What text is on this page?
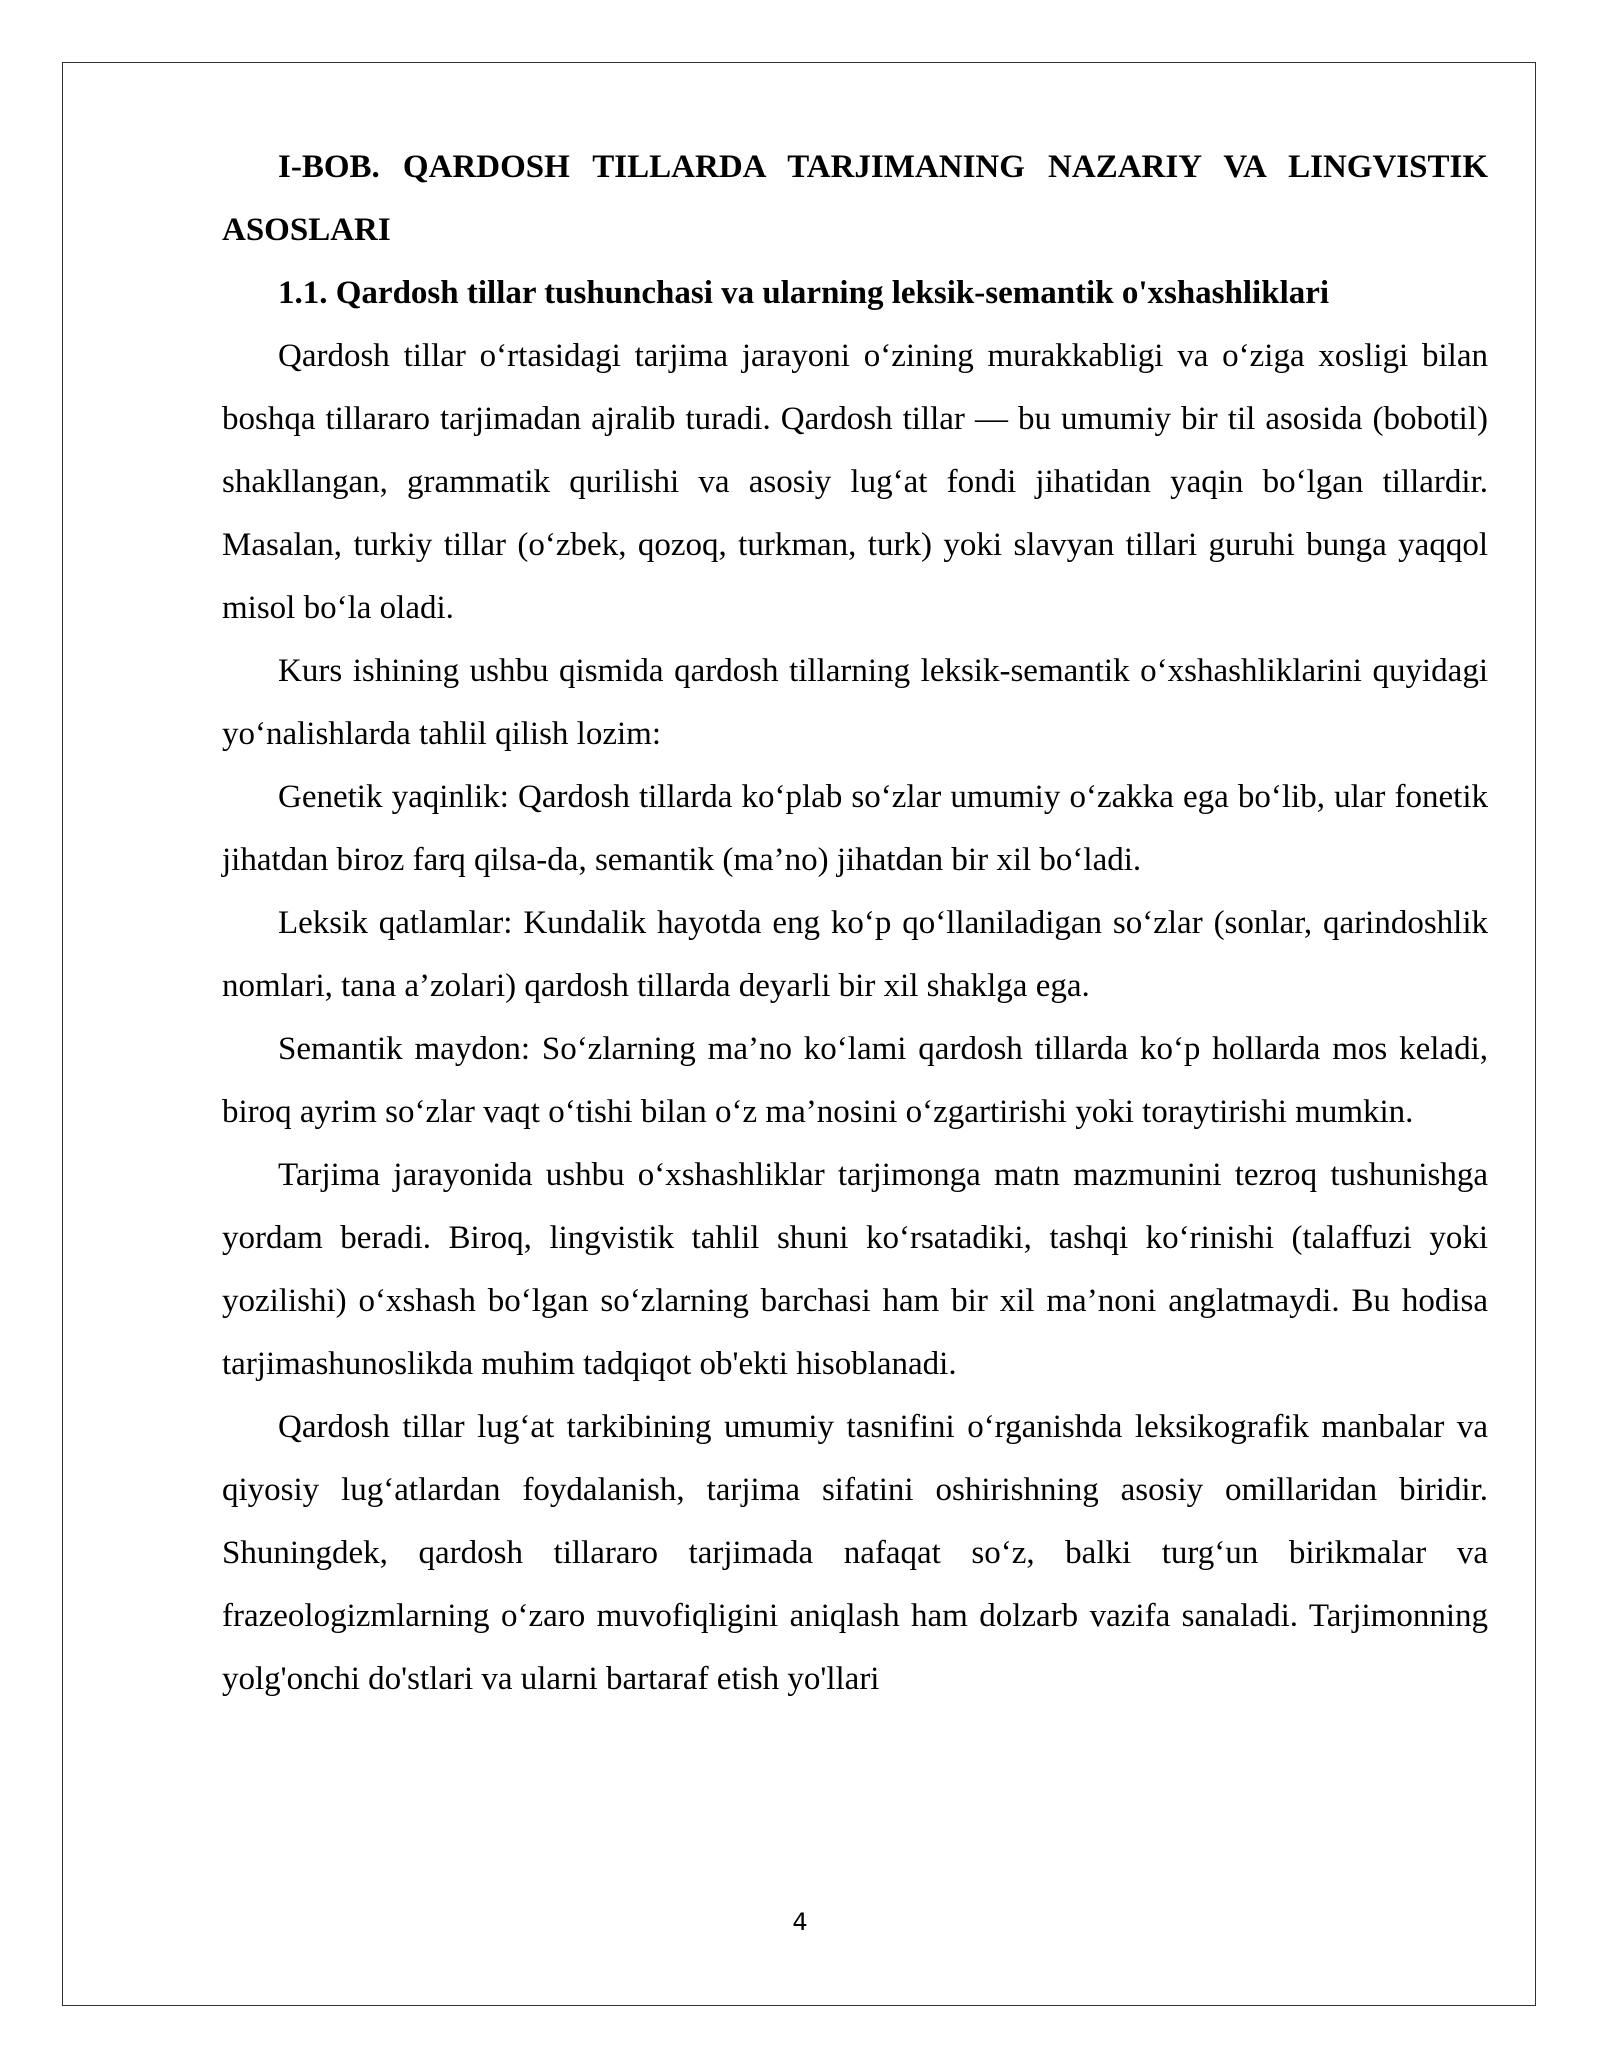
I-BOB. QARDOSH TILLARDA TARJIMANING NAZARIY VA LINGVISTIK ASOSLARI

1.1. Qardosh tillar tushunchasi va ularning leksik-semantik o'xshashliklari

Qardosh tillar o‘rtasidagi tarjima jarayoni o‘zining murakkabligi va o‘ziga xosligi bilan boshqa tillararo tarjimadan ajralib turadi. Qardosh tillar — bu umumiy bir til asosida (bobotil) shakllangan, grammatik qurilishi va asosiy lug‘at fondi jihatidan yaqin bo‘lgan tillardir. Masalan, turkiy tillar (o‘zbek, qozoq, turkman, turk) yoki slavyan tillari guruhi bunga yaqqol misol bo‘la oladi.

Kurs ishining ushbu qismida qardosh tillarning leksik-semantik o‘xshashliklarini quyidagi yo‘nalishlarda tahlil qilish lozim:

Genetik yaqinlik: Qardosh tillarda ko‘plab so‘zlar umumiy o‘zakka ega bo‘lib, ular fonetik jihatdan biroz farq qilsa-da, semantik (ma’no) jihatdan bir xil bo‘ladi.

Leksik qatlamlar: Kundalik hayotda eng ko‘p qo‘llaniladigan so‘zlar (sonlar, qarindoshlik nomlari, tana a’zolari) qardosh tillarda deyarli bir xil shaklga ega.

Semantik maydon: So‘zlarning ma’no ko‘lami qardosh tillarda ko‘p hollarda mos keladi, biroq ayrim so‘zlar vaqt o‘tishi bilan o‘z ma’nosini o‘zgartirishi yoki toraytirishi mumkin.

Tarjima jarayonida ushbu o‘xshashliklar tarjimonga matn mazmunini tezroq tushunishga yordam beradi. Biroq, lingvistik tahlil shuni ko‘rsatadiki, tashqi ko‘rinishi (talaffuzi yoki yozilishi) o‘xshash bo‘lgan so‘zlarning barchasi ham bir xil ma’noni anglatmaydi. Bu hodisa tarjimashunoslikda muhim tadqiqot ob'ekti hisoblanadi.

Qardosh tillar lug‘at tarkibining umumiy tasnifini o‘rganishda leksikografik manbalar va qiyosiy lug‘atlardan foydalanish, tarjima sifatini oshirishning asosiy omillaridan biridir. Shuningdek, qardosh tillararo tarjimada nafaqat so‘z, balki turg‘un birikmalar va frazeologizmlarning o‘zaro muvofiqligini aniqlash ham dolzarb vazifa sanaladi. Tarjimonning yolg'onchi do'stlari va ularni bartaraf etish yo'llari

4
